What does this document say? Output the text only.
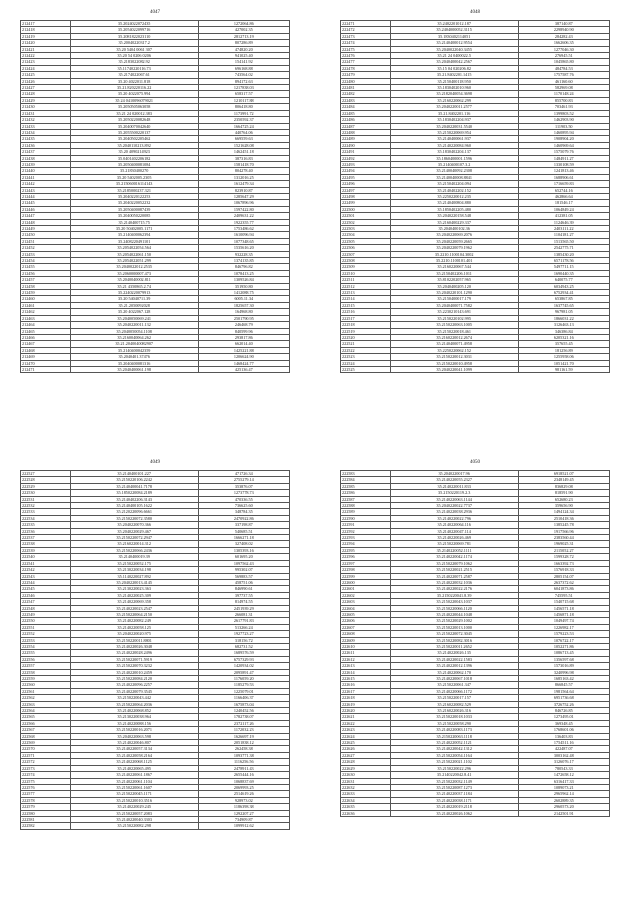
4047
212417	35.2024022072435	1272064.86
212418	35.2054022099716	427002.35
212419	35.2081822023110	2812713.19
212420	35.20040220317.2	807286.89
212421	35.20 5404 0061 307	474820.20
212422	35.20 54 0206 0206	941025.40
212423	35.2183022082.92	154141.92
212424	35.11740220116.73	696168.88
212425	35.2174022067.61	743564.02
212426	35.20 4022011.818	894172.63
212427	35.21.820220116.22	1217838.03
212428	35.20 4022075.994	658317.57
212429	35 24 0410096079021	1210117.88
212430	35.2050505063058	806418.80
212431	35.21 24 020012.383	1173991.72
212432	35.2050220082648	2350592.37
212433	35.2040070042640	1664725.24
212434	35.2055500220137	440764.06
212435	35.2040502205462	669559.63
212436	35.2040110213.892	1521628.08
212437	35.20 4090214923	1462451.18
212438	35.0401402206182	387316.83
212439	35.2050400081084	1581418.70
212440	35.21830400270	804278.40
212441	35.20 5402005.2305	1312016.25
212442	35.215060016114143	1612479.34
212443	35.2185000237.321	823910.87
212444	35.2040220122253	1285647.29
212445	35.2040220052232	1067896.96
212446	35.2050400087439	1597422.80
212447	35.2040050220085	2409631.22
212448	35.2140400715.75	1922355.77
212449	35.20 50402005.1171	1753486.62
212450	35.2140400062394	1610096.94
212451	35.2408220491101	1077348.65
212452	35.2054022054.564	1535616.20
212453	35.2054022061.150	932228.35
212454	35.2054022051.299	1374135.85
212455	35.2040022012.2535	846796.82
212456	35.2060000007.473	1078413.25
212457	35.2040040002.811	1309526.84
212458	35.21 4350865.2.74	351950.80
212459	35.2240220079913	1412088.75
212460	35.20 54040711.39	6005.11.34
212461	35.21.2050092028	1825657.30
212462	35.20 4022067.128	164968.80
212463	35.2040050069.241	2501790.95
212464	35.2040220011.132	246468.79
212465	35.2040050054.1108	840599.96
212466	35.2160040064.262	293817.86
212467	35.21.2040040082907	662014.40
212468	35.2140400042359	1425221.88
212469	35.2040401.37476	1206624.90
212470	35.2040400081316	1468424.77
212471	35.2040400061.198	425136.47
4048
222471	35.2402201012.187	387140.87
222472	35.2404000052.3115	2298940.90
222473	35.1830402114051	284282.43
222474	35.2140400012.9554	1662606.35
222475	35.2040022040.3455	1277046.30
222476	35.21 24 0400022.5	276945.51
222477	35.2040400042.2567	1045865.80
222478	35.15 04 020206.82	484784.53
222479	35.21.8402201.1415	1757587.76
222480	35.2150400118.950	461160.60
222481	35.1830402010.960	582969.08
222482	35.2182040054.3698	1170148.24
222483	35.2160220062.299	855700.83
222484	35.2040220011.2577	703461.93
222485	35.21.8402201.116	1399803.52
222486	35.1830402204.937	1462903.90
222487	35.2040220031.5540	111903.50
222488	35.2150220069.954	1460895.94
222489	35.2140400061.937	1908904.20
222490	35.2140220084.960	1460969.64
222491	35.1830402204.137	1575079.76
222492	35.1860400001.1596	1484911.27
222493	35.2140400107.3.2	1330108.59
222494	35.2140040092.2308	1241813.46
222495	35.2140040008.8841	1688906.61
222496	35.2150402204.094	1716659.83
222497	35.2140402202.152	652744.16
222498	35.2250220012.235	462866.64
222499	35.2140400804.880	181546.17
222500	35.1850402205.480	1064849.24
222501	35.2040220158.548	412381.05
222502	35.2160400229.337	1124646.39
222503	35.2040400102.36	2403111.22
222504	35.2040220069.2076	1104181.27
222505	35.2040220059.2665	1513565.50
222506	35.2040220079.1962	2542775.71
222507	35.2210.1100104.3002	1385430.20
222508	35.2210.1100101.401	6571178.56
222509	35.2160220067.544	5497711.15
222510	35.2150402206.1011	1690440.35
222511	35.8102202057.965	640075.77
222512	35.2040400205.120	6034943.25
222513	35.2040220101.1290	6752934.41
222514	35.2150400017.179	653867.85
222515	35.2040400071.7582	1637745.65
222516	35.2230210143.691	967981.05
222517	35.2150220102.995	1866031.22
222518	35.2150220063.1005	3126463.13
222519	35.2150220018.461	346386.84
222520	35.2160220012.2674	6205321.16
222521	35.2140400071.4958	357655.45
222522	35.2250220062.152	181256.89
222523	35.2150220012.3031	1255958.06
222524	35.2150220010.4958	1051421.70
222525	35.2040220041.1099	981161.59
4049
222527	35.2140400101.227	471726.34
222528	35.2150220106.2242	2755279.14
222529	35.2140400041.7178	353876.07
222530	35.1850220084.2189	1273778.73
222531	35.2140402206.3143	470336.55
222532	35.2140400105.1622	736625.60
222533	35.2120220096.6661	348784.35
222534	35.2150220072.3580	2470922.86
222535	35.2040220070.366	337198.87
222536	35.2040220029.467	540685.51
222537	35.2150220072.2947	1666271.18
222538	35.2160220014.312	327408.02
222539	35.2150220066.2436	1305393.16
222540	35.2140400019.39	601695.20
222541	35.2150220052.175	1097562.43
222542	35.2130220034.198	995302.07
222543	35.1140220027.892	569883.57
222544	35.2040220013.4145	458751.06
222545	35.2130220023.363	846990.61
222546	35.2140220025.309	397737.55
222547	35.2140220069.358	814974.55
222548	35.2140220023.2547	2451939.29
222549	35.2150220064.2150	266081.31
222550	35.2140220082.249	2617791.83
222551	35.2140220058.125	513266.24
222552	35.2040220020.975	1927723.27
222553	35.2150220011.8801	318156.72
222554	35.2140220026.3048	682731.52
222555	35.2140220028.2496	1689576.59
222556	35.2150220071.5919	6757329.93
222557	35.2150220070.3232	1420934.02
222558	35.2140220010.2459	2095891.47
222559	35.2150220084.2120	1176059.20
222560	35.2140220096.2257	1185279.53
222561	35.2140220079.3545	1225079.01
222562	35.2150220043.442	1166406.37
222563	35.2150220064.2036	1675873.04
222564	35.2140220068.852	1240452.56
222565	35.2130220038.964	1782738.07
222566	35.2140220088.156	2372117.26
222567	35.2150220016.2071	1172032.23
222568	35.2040220063.598	1626697.19
222569	35.2140220046.807	2051838.12
222570	35.2140220057.3134	262458.38
222571	35.2140220058.2164	1093771.38
222572	35.2140220068.1125	1116256.56
222573	35.2140220065.495	2478911.43
222574	35.2140220061.1867	2655444.16
222575	35.2140220061.1104	1068837.69
222576	35.2150220061.1607	2069993.25
222577	35.2150220045.1171	2514619.26
222578	35.2150220010.3516	928973.02
222579	35.2140220029.245	1186398.38
222580	35.2150220057.2083	1292207.27
222581	35.2140220040.3303	734909.87
222582	35.2150220082.298	1099912.62
4050
222583	35.2040220017.96	6918521.07
222584	35.2140220055.2327	2348149.45
222585	35.2140220011.833	836829.08
222586	35.2150220119.2.3	818591.90
222587	35.2140220063.1144	652680.23
222588	35.2040220022.7737	359656.90
222589	35.2140220038.2936	1494124.34
222590	35.2140220022.796	2510418.36
222591	35.2140220064.116	1385245.78
222592	35.2140220047.114	1917566.96
222593	35.2140220026.469	2383560.44
222594	35.2150220069.781	1969025.31
222595	35.2140220052.1111	2115052.27
222596	35.2140220042.1174	1599328.72
222597	35.2150220079.1062	1663392.73
222598	35.2150220021.2515	1576918.33
222599	35.2140220071.2587	2805154.07
222600	35.2140220032.1036	2637372.62
222601	35.2140220022.2176	6041873.86
222602	35.2150220041.8.39	745595.51
222603	35.2150220043.1037	1540715.68
222604	35.2150220066.1120	1456571.18
222605	35.2140220044.1048	1456871.18
222606	35.2150220029.1002	1049497.74
222607	35.2150220013.1000	1226982.17
222608	35.2150220072.3045	1579223.53
222609	35.2150220082.3016	1076722.17
222610	35.2150220011.2652	1052271.86
222611	35.2140220026.135	1086713.45
222612	35.2140220022.1583	1356597.68
222613	35.2140220012.1396	1573016.89
222614	35.2140220062.170	3240996.98
222615	35.2140220067.1018	1685163.42
222616	35.2150220061.347	866845.57
222617	35.2140220066.1172	1981564.64
222618	35.2150220017.157	6951736.68
222619	35.2160220082.529	3726752.26
222620	35.2160220026.316	846726.85
222621	35.2150220018.1033	1273495.01
222622	35.2150220058.290	369348.45
222623	35.2140220083.1173	1768601.06
222624	35.2150220063.1118	136403.83
222625	35.2140220052.1121	1754511.16
222626	35.2140220042.1312	422487.07
222627	35.2150220054.1164	3003162.48
222628	35.2150220021.1102	3126076.17
222629	35.2150220022.296	780543.33
222630	35.2140220042.8.41	1472658.12
222631	35.2150220032.1149	6316417.33
222632	35.2150220087.1273	1089073.21
222633	35.2140220037.1184	2965962.14
222634	35.2140220038.1171	2602889.35
222635	35.2140220019.2118	2960573.20
222636	35.2140220026.1062	2142501.91
